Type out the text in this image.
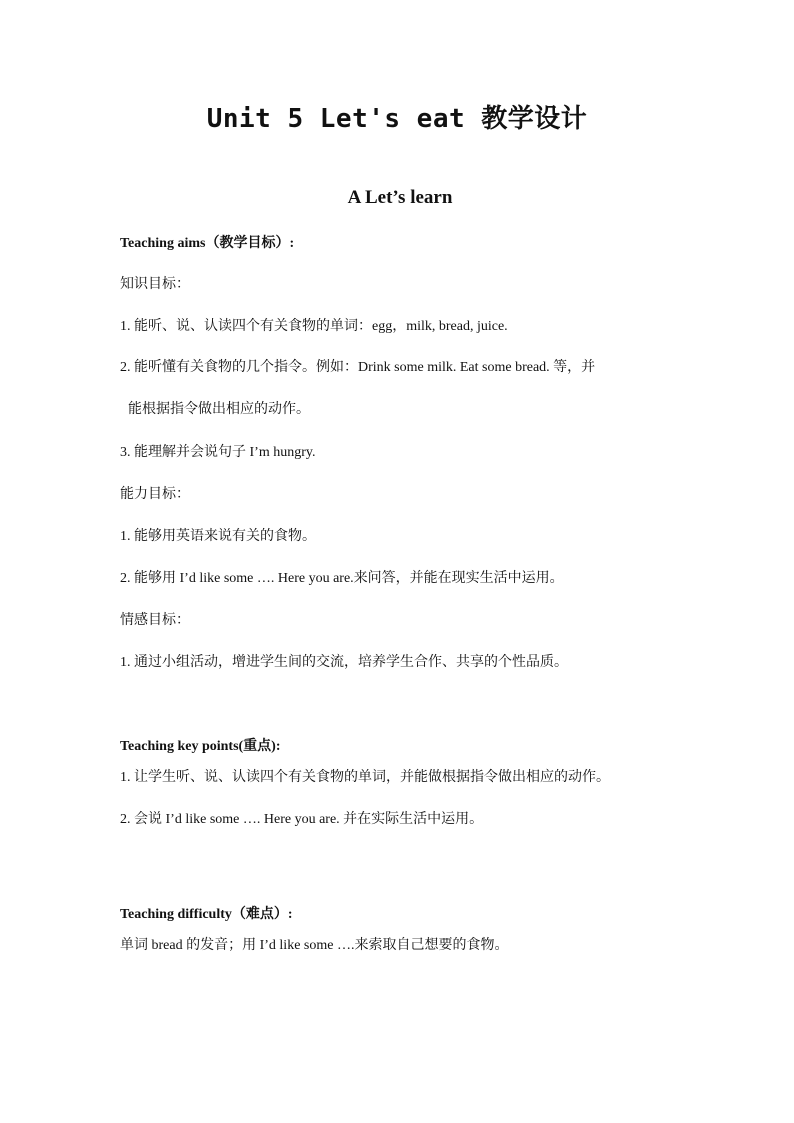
Unit 5 Let's eat 教学设计
A Let’s learn
Teaching aims（教学目标）:
知识目标：
1. 能听、说、认读四个有关食物的单词：egg，milk, bread, juice.
2. 能听懂有关食物的几个指令。例如：Drink some milk. Eat some bread. 等，并
能根据指令做出相应的动作。
3. 能理解并会说句子 I’m hungry.
能力目标：
1. 能够用英语来说有关的食物。
2. 能够用 I’d like some …. Here you are.来问答，并能在现实生活中运用。
情感目标：
1. 通过小组活动，增进学生间的交流，培养学生合作、共享的个性品质。
Teaching key points(重点):
1. 让学生听、说、认读四个有关食物的单词，并能做根据指令做出相应的动作。
2. 会说 I’d like some …. Here you are. 并在实际生活中运用。
Teaching difficulty（难点）:
单词 bread 的发音；用 I’d like some ….来索取自己想要的食物。
